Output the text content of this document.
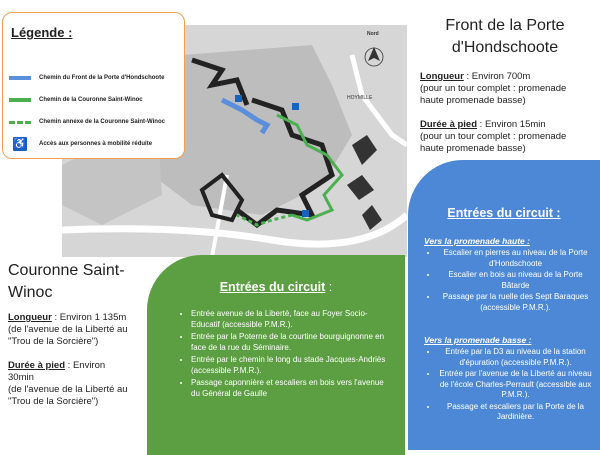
Nord
HOYMILLE
Légende :
Chemin du Front de la Porte d'Hondschoote
Chemin de la Couronne Saint-Winoc
Chemin annexe de la Couronne Saint-Winoc
♿ Accès aux personnes à mobilité réduite
Front de la Porte d'Hondschoote
Longueur : Environ 700m
(pour un tour complet : promenade haute promenade basse)
Durée à pied : Environ 15min
(pour un tour complet : promenade haute promenade basse)
Entrées du circuit :
Vers la promenade haute :
• Escalier en pierres au niveau de la Porte d'Hondschoote
• Escalier en bois au niveau de la Porte Bâtarde
• Passage par la ruelle des Sept Baraques (accessible P.M.R.).
Vers la promenade basse :
• Entrée par la D3 au niveau de la station d'épuration (accessible P.M.R.).
• Entrée par l'avenue de la Liberté au niveau de l'école Charles-Perrault (accessible aux P.M.R.).
• Passage et escaliers par la Porte de la Jardinière.
Couronne Saint-Winoc
Longueur : Environ 1 135m
(de l'avenue de la Liberté au "Trou de la Sorcière")
Durée à pied : Environ 30min
(de l'avenue de la Liberté au "Trou de la Sorcière")
Entrées du circuit :
• Entrée avenue de la Liberté, face au Foyer Socio-Educatif (accessible P.M.R.).
• Entrée par la Poterne de la courtine bourguignonne en face de la rue du Séminaire.
• Entrée par le chemin le long du stade Jacques-Andriès (accessible P.M.R.).
• Passage caponnière et escaliers en bois vers l'avenue du Général de Gaulle
